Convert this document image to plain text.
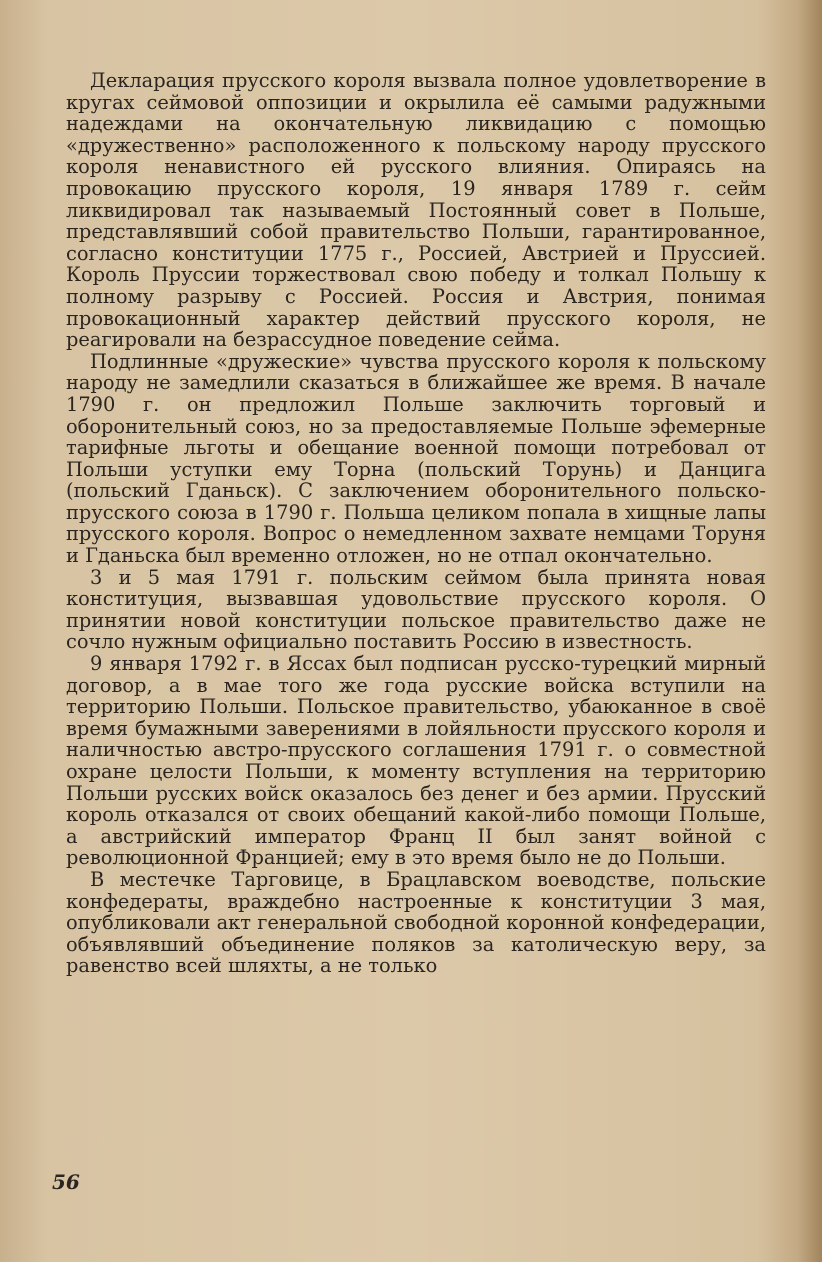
Декларация прусского короля вызвала полное удовлетворение в кругах сеймовой оппозиции и окрылила её самыми радужными надеждами на окончательную ликвидацию с помощью «дружественно» расположенного к польскому народу прусского короля ненавистного ей русского влияния. Опираясь на провокацию прусского короля, 19 января 1789 г. сейм ликвидировал так называемый Постоянный совет в Польше, представлявший собой правительство Польши, гарантированное, согласно конституции 1775 г., Россией, Австрией и Пруссией. Король Пруссии торжествовал свою победу и толкал Польшу к полному разрыву с Россией. Россия и Австрия, понимая провокационный характер действий прусского короля, не реагировали на безрассудное поведение сейма.

Подлинные «дружеские» чувства прусского короля к польскому народу не замедлили сказаться в ближайшее же время. В начале 1790 г. он предложил Польше заключить торговый и оборонительный союз, но за предоставляемые Польше эфемерные тарифные льготы и обещание военной помощи потребовал от Польши уступки ему Торна (польский Торунь) и Данцига (польский Гданьск). С заключением оборонительного польско-прусского союза в 1790 г. Польша целиком попала в хищные лапы прусского короля. Вопрос о немедленном захвате немцами Торуня и Гданьска был временно отложен, но не отпал окончательно.

3 и 5 мая 1791 г. польским сеймом была принята новая конституция, вызвавшая удовольствие прусского короля. О принятии новой конституции польское правительство даже не сочло нужным официально поставить Россию в известность.

9 января 1792 г. в Яссах был подписан русско-турецкий мирный договор, а в мае того же года русские войска вступили на территорию Польши. Польское правительство, убаюканное в своё время бумажными заверениями в лойяльности прусского короля и наличностью австро-прусского соглашения 1791 г. о совместной охране целости Польши, к моменту вступления на территорию Польши русских войск оказалось без денег и без армии. Прусский король отказался от своих обещаний какой-либо помощи Польше, а австрийский император Франц II был занят войной с революционной Францией; ему в это время было не до Польши.

В местечке Тарговице, в Брацлавском воеводстве, польские конфедераты, враждебно настроенные к конституции 3 мая, опубликовали акт генеральной свободной коронной конфедерации, объявлявший объединение поляков за католическую веру, за равенство всей шляхты, а не только

56
